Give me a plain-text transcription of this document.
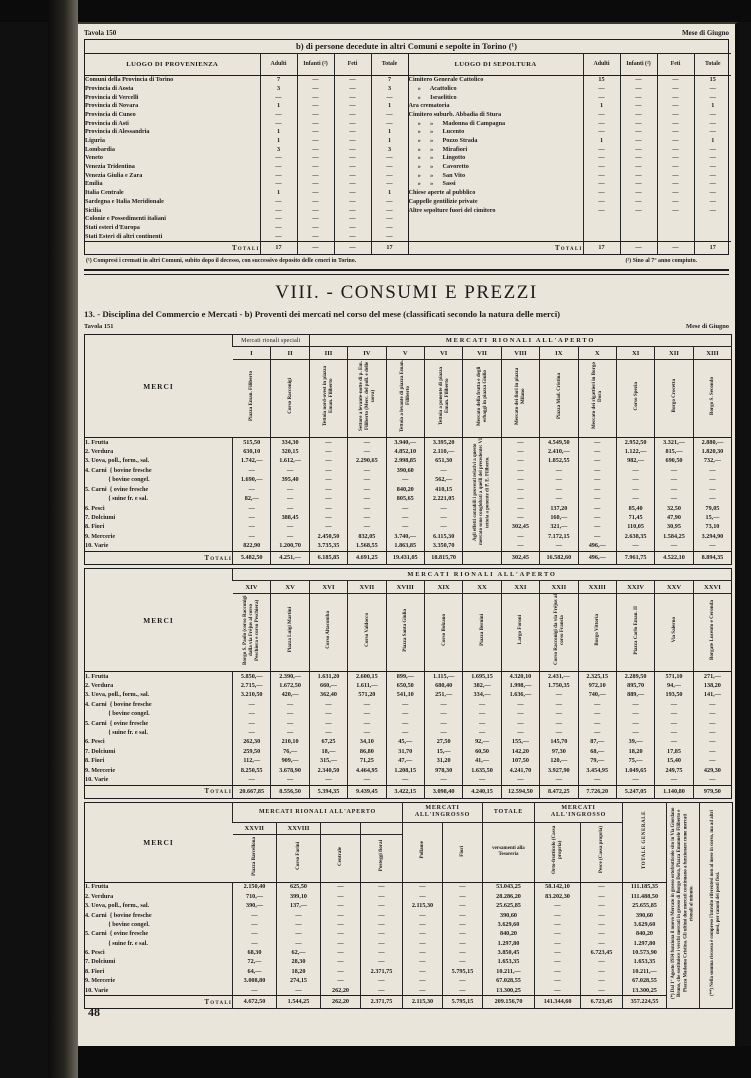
Tavola 150	Mese di Giugno
b) di persone decedute in altri Comuni e sepolte in Torino (¹)
LUOGO DI PROVENIENZA	Adulti	Infanti (²)	Feti	Totale	LUOGO DI SEPOLTURA	Adulti	Infanti (²)	Feti	Totale
Comuni della Provincia di Torino	7	—	—	7	Cimitero Generale Cattolico	15	—	—	15
Provincia di Aosta	3	—	—	3	»      Acattolico	—	—	—	—
Provincia di Vercelli	—	—	—	—	»      Israelitico	—	—	—	—
Provincia di Novara	1	—	—	1	Ara crematoria	1	—	—	1
Provincia di Cuneo	—	—	—	—	Cimitero suburb. Abbadia di Stura	—	—	—	—
Provincia di Asti	—	—	—	—	»      »      Madonna di Campagna	—	—	—	—
Provincia di Alessandria	1	—	—	1	»      »      Lucento	—	—	—	—
Liguria	1	—	—	1	»      »      Pozzo Strada	1	—	—	1
Lombardia	3	—	—	3	»      »      Mirafiori	—	—	—	—
Veneto	—	—	—	—	»      »      Lingotto	—	—	—	—
Venezia Tridentina	—	—	—	—	»      »      Cavoretto	—	—	—	—
Venezia Giulia e Zara	—	—	—	—	»      »      San Vito	—	—	—	—
Emilia	—	—	—	—	»      »      Sassi	—	—	—	—
Italia Centrale	1	—	—	1	Chiese aperte al pubblico	—	—	—	—
Sardegna e Italia Meridionale	—	—	—	—	Cappelle gentilizie private	—	—	—	—
Sicilia	—	—	—	—	Altre sepolture fuori del cimitero	—	—	—	—
Colonie e Possedimenti italiani	—	—	—	—					
Stati esteri d'Europa	—	—	—	—					
Stati Esteri di altri continenti	—	—	—	—					
Totali	17	—	—	17	Totali	17	—	—	17
(¹) Compresi i cremati in altri Comuni, subito dopo il decesso, con successivo deposito delle ceneri in Torino.	(²) Sino al 7° anno compiuto.
VIII. - CONSUMI E PREZZI
13. - Disciplina del Commercio e Mercati - b) Proventi dei mercati nel corso del mese (classificati secondo la natura delle merci)
Tavola 151	Mese di Giugno
MERCI	Mercati rionali speciali		MERCATI RIONALI ALL'APERTO										
	I	II	III	IV	V	VI	VII	VIII	IX	X	XI	XII	XIII
	Piazza Eman. Filiberto	Corso Racconigi	Tettoia nord-ovest in piazza Eman. Filiberto	Settore a levante-notte di p. Em. Filiberto (Merc. del poll. e delle uova)	Tettoia a levante di piazza Eman. Filiberto	Tettoia a ponente di piazza Eman. Filiberto	Mercato della frutta e degli erbaggi in piazza Giulio	Mercato dei fiori in piazza Milano	Piazza Mad. Cristina	Mercato dei rigattieri in Borgo Dora	Corso Spezia	Borgo Crocetta	Borgo S. Secondo
1. Frutta	515,50	334,30	—	—	3.940,—	3.395,20	Agli effetti contabili i proventi relativi a questo mercato sono conglobati a quelli del precedente: VI tettoia a ponente di P. E. Filiberto.	—	4.549,50	—	2.952,50	3.321,—	2.880,—
2. Verdura	630,10	320,15	—	—	4.852,10	2.110,—		—	2.410,—	—	1.122,—	815,—	1.820,30
3. Uova, poll., form., sal.	1.742,—	1.612,—	—	2.290,65	2.998,85	651,30		—	1.852,55	—	982,—	690,50	732,—
4. Carni  { bovine fresche	—	—	—	—	390,60	—		—	—	—	—	—	—
{ bovine congel.	1.690,—	395,40	—	—	—	562,—		—	—	—	—	—	—
5. Carni  { ovine fresche	—	—	—	—	840,20	410,15		—	—	—	—	—	—
{ suine fr. e sal.	82,—	—	—	—	805,65	2.221,05		—	—	—	—	—	—
6. Pesci	—	—	—	—	—	—		—	137,20	—	85,40	32,50	79,05
7. Dolciumi	—	388,45	—	—	—	—		—	160,—	—	71,45	47,90	15,—
8. Fiori	—	—	—	—	—	—		302,45	321,—	—	110,05	30,95	73,10
9. Mercerie	—	—	2.450,50	832,05	3.740,—	6.115,30		—	7.172,15	—	2.638,35	1.584,25	3.294,90
10. Varie	822,90	1.200,70	3.735,35	1.568,55	1.863,85	3.350,70		—	—	496,—	—	—	—
Totali	5.482,50	4.251,—	6.185,85	4.691,25	19.431,05	18.815,70		302,45	16.582,60	496,—	7.961,75	4.522,10	8.894,35
MERCI	MERCATI RIONALI ALL'APERTO												
	XIV	XV	XVI	XVII	XVIII	XIX	XX	XXI	XXII	XXIII	XXIV	XXV	XXVI
	Borgo S. Paolo (corso Racconigi dalla via Fréjus al corso Peschiera e corso Peschiera)	Piazza Luigi Martini	Corso Altacomba	Corso Valdocco	Piazza Santa Giulia	Corso Bolzano	Piazza Bernini	Largo Foroni	Corso Racconigi da via Fréjus al corso Francia	Borgo Vittoria	Piazza Carlo Eman. II	Via Salerno	Borgate Lucento e Ceronda
1. Frutta	5.850,—	2.390,—	1.631,20	2.600,15	899,—	1.115,—	1.695,15	4.320,10	2.431,—	2.325,15	2.289,50	571,10	271,—
2. Verdura	2.715,—	1.672,50	660,—	1.611,—	650,50	680,40	382,—	1.998,—	1.750,35	972,10	895,70	94,—	138,20
3. Uova, poll., form., sal.	3.210,50	420,—	362,40	571,20	541,10	251,—	334,—	1.636,—	—	740,—	889,—	193,50	141,—
4. Carni  { bovine fresche	—	—	—	—	—	—	—	—	—	—	—	—	—
{ bovine congel.	—	—	—	—	—	—	—	—	—	—	—	—	—
5. Carni  { ovine fresche	—	—	—	—	—	—	—	—	—	—	—	—	—
{ suine fr. e sal.	—	—	—	—	—	—	—	—	—	—	—	—	—
6. Pesci	262,30	210,10	67,25	34,10	45,—	27,50	92,—	155,—	145,70	87,—	39,—	—	—
7. Dolciumi	259,50	76,—	18,—	86,80	31,70	15,—	60,50	142,20	97,30	68,—	18,20	17,85	—
8. Fiori	112,—	909,—	315,—	71,25	47,—	31,20	41,—	107,50	120,—	79,—	75,—	15,40	—
9. Mercerie	8.250,55	3.678,90	2.340,50	4.464,95	1.208,15	978,30	1.635,50	4.241,70	3.927,90	3.454,95	1.049,65	249,75	429,30
10. Varie	—	—	—	—	—	—	—	—	—	—	—	—	—
Totali	20.667,85	8.556,50	5.394,35	9.439,45	3.422,15	3.098,40	4.240,15	12.594,50	8.472,25	7.726,20	5.247,05	1.140,80	979,50
MERCI	MERCATI RIONALI ALL'APERTO				MERCATI ALL'INGROSSO		TOTALE	MERCATI ALL'INGROSSO		TOTALE GENERALE	(*) Dal 1° Agosto 1934 funziona il nuovo Mercato in grosso ortofrutticolo sito in Via Giordano Bruno, che sostituisce i vecchi mercati in grosso di Borgo Dora, Piazza Emanuele Filiberto e Piazza Madama Cristina. Gli ultimi due mercati continuano a funzionare come mercati rionali al minuto.	(**) Nella somma riscossa è compreso l'introito riferentesi non al mese in corso, ma ad altri mesi, per canoni dei posti fissi.
	XXVII	XXVIII			Pollame	Fiori	versamenti alla Tesoreria	Orto-frutticolo (Cassa propria)	Pesce (Cassa propria)			
	Piazza Barcellona	Corso Farini	Centrale	Posteggi fiorai								
1. Frutta	2.150,40	625,50	—	—	—	—	53.043,25	58.142,10	—	111.185,35		
2. Verdura	710,—	399,10	—	—	—	—	28.286,20	83.202,30	—	111.488,50		
3. Uova, poll., form., sal.	390,—	137,—	—	—	2.115,30	—	25.625,85	—	—	25.655,85		
4. Carni  { bovine fresche	—	—	—	—	—	—	390,60	—	—	390,60		
{ bovine congel.	—	—	—	—	—	—	3.629,60	—	—	3.629,60		
5. Carni  { ovine fresche	—	—	—	—	—	—	840,20	—	—	840,20		
{ suine fr. e sal.	—	—	—	—	—	—	1.297,80	—	—	1.297,80		
6. Pesci	68,30	62,—	—	—	—	—	3.850,45	—	6.723,45	10.573,90		
7. Dolciumi	72,—	28,30	—	—	—	—	1.653,35	—	—	1.653,35		
8. Fiori	64,—	18,20	—	2.371,75	—	5.795,15	10.211,—	—	—	10.211,—		
9. Mercerie	3.008,80	274,15	—	—	—	—	67.028,55	—	—	67.028,55		
10. Varie	—	—	262,20	—	—	—	13.300,25	—	—	13.300,25		
Totali	4.672,50	1.544,25	262,20	2.371,75	2.115,30	5.795,15	209.156,70	141.344,60	6.723,45	357.224,55		
48
